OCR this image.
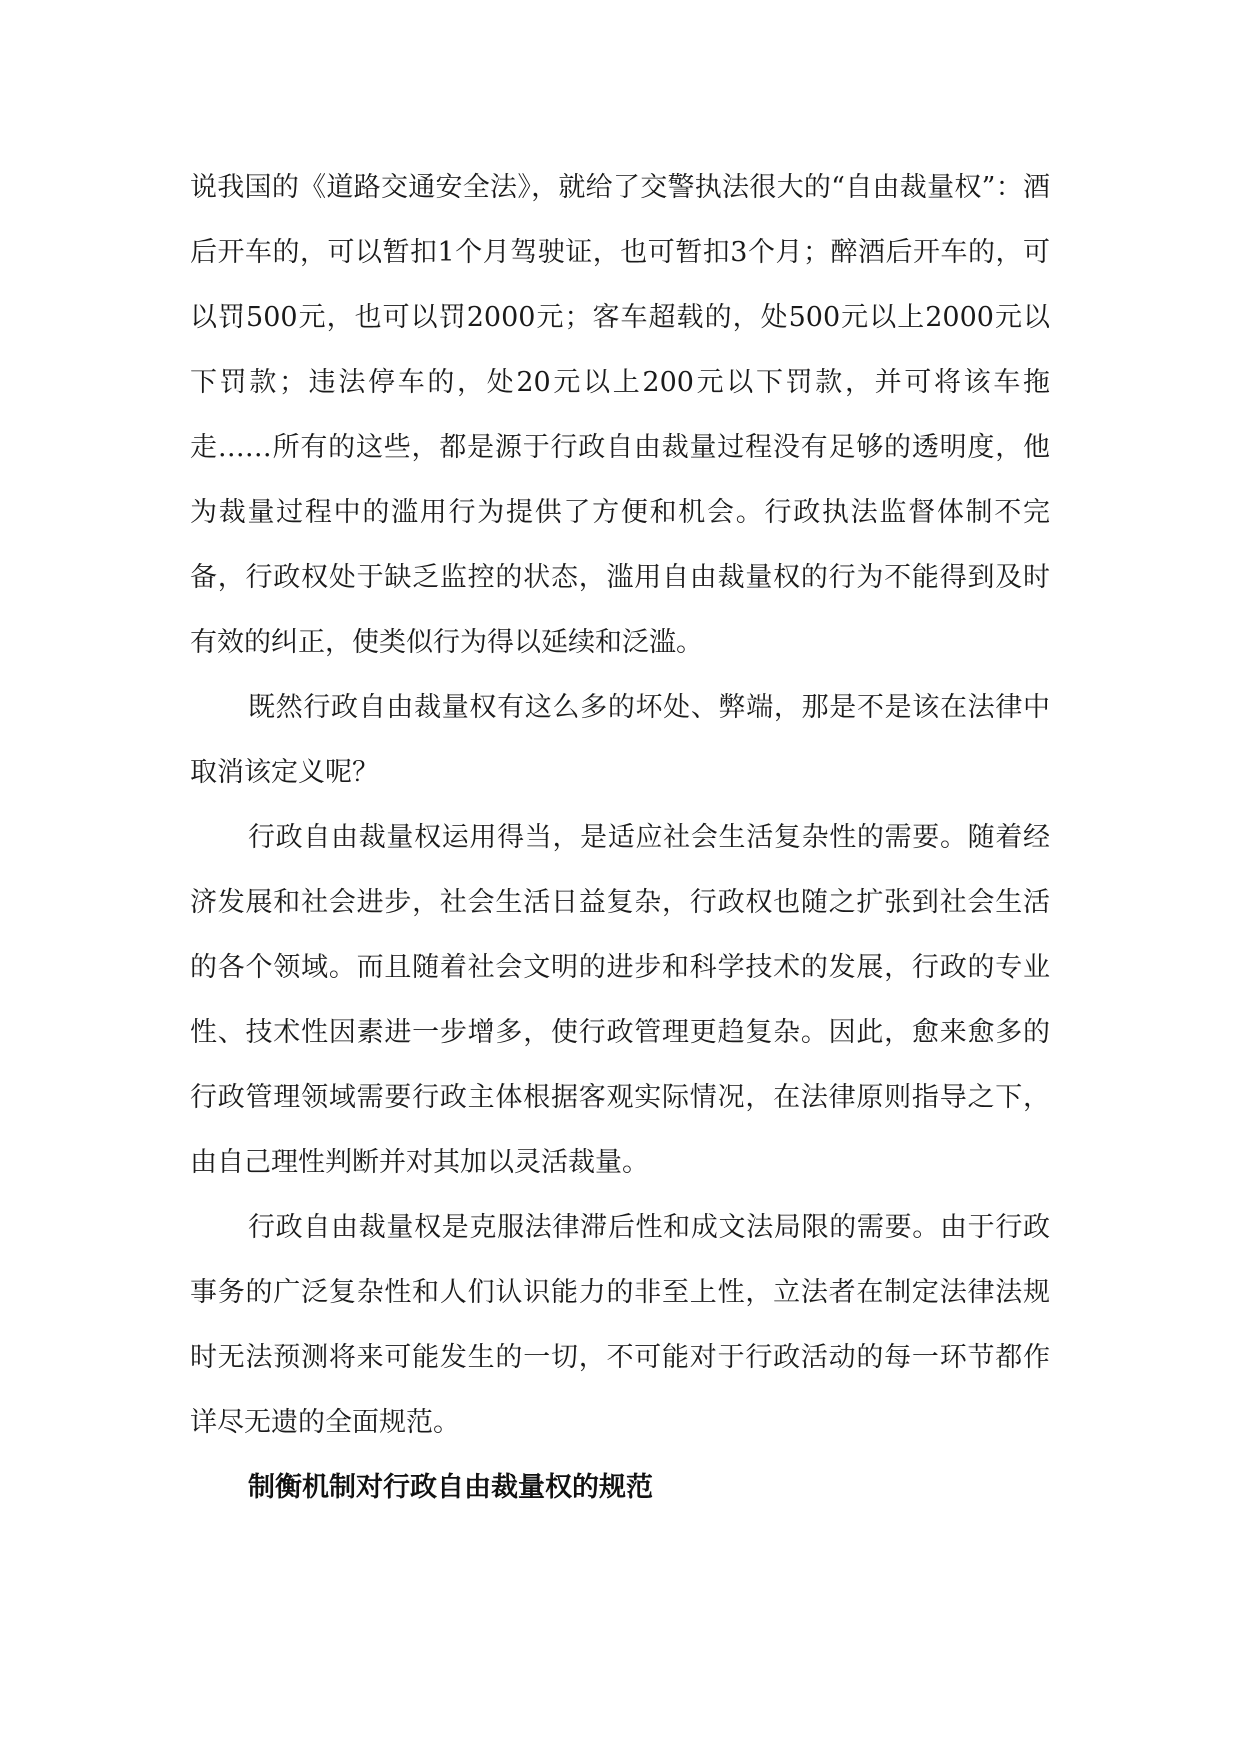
说我国的《道路交通安全法》，就给了交警执法很大的“自由裁量权”：酒后开车的，可以暂扣1个月驾驶证，也可暂扣3个月；醉酒后开车的，可以罚500元，也可以罚2000元；客车超载的，处500元以上2000元以下罚款；违法停车的，处20元以上200元以下罚款，并可将该车拖走……所有的这些，都是源于行政自由裁量过程没有足够的透明度，他为裁量过程中的滥用行为提供了方便和机会。行政执法监督体制不完备，行政权处于缺乏监控的状态，滥用自由裁量权的行为不能得到及时有效的纠正，使类似行为得以延续和泛滥。

既然行政自由裁量权有这么多的坏处、弊端，那是不是该在法律中取消该定义呢？

行政自由裁量权运用得当，是适应社会生活复杂性的需要。随着经济发展和社会进步，社会生活日益复杂，行政权也随之扩张到社会生活的各个领域。而且随着社会文明的进步和科学技术的发展，行政的专业性、技术性因素进一步增多，使行政管理更趋复杂。因此，愈来愈多的行政管理领域需要行政主体根据客观实际情况，在法律原则指导之下，由自己理性判断并对其加以灵活裁量。

行政自由裁量权是克服法律滞后性和成文法局限的需要。由于行政事务的广泛复杂性和人们认识能力的非至上性，立法者在制定法律法规时无法预测将来可能发生的一切，不可能对于行政活动的每一环节都作详尽无遗的全面规范。

制衡机制对行政自由裁量权的规范
